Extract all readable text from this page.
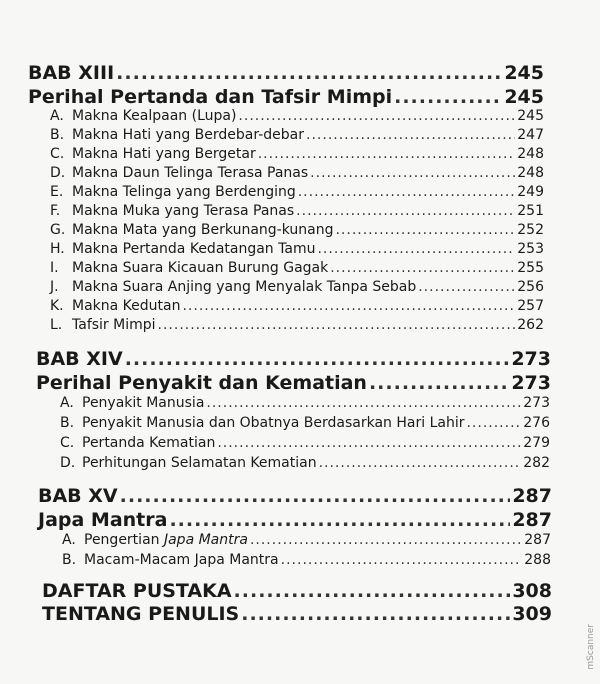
BAB XIII .....	245
Perihal Pertanda dan Tafsir Mimpi .....	245
A. Makna Kealpaan (Lupa) .....	245
B. Makna Hati yang Berdebar-debar .....	247
C. Makna Hati yang Bergetar .....	248
D. Makna Daun Telinga Terasa Panas .....	248
E. Makna Telinga yang Berdenging .....	249
F. Makna Muka yang Terasa Panas .....	251
G. Makna Mata yang Berkunang-kunang .....	252
H. Makna Pertanda Kedatangan Tamu .....	253
I. Makna Suara Kicauan Burung Gagak .....	255
J. Makna Suara Anjing yang Menyalak Tanpa Sebab .....	256
K. Makna Kedutan .....	257
L. Tafsir Mimpi .....	262
BAB XIV .....	273
Perihal Penyakit dan Kematian .....	273
A. Penyakit Manusia .....	273
B. Penyakit Manusia dan Obatnya Berdasarkan Hari Lahir .....	276
C. Pertanda Kematian .....	279
D. Perhitungan Selamatan Kematian .....	282
BAB XV .....	287
Japa Mantra .....	287
A. Pengertian Japa Mantra .....	287
B. Macam-Macam Japa Mantra .....	288
DAFTAR PUSTAKA .....	308
TENTANG PENULIS .....	309
mScanner
